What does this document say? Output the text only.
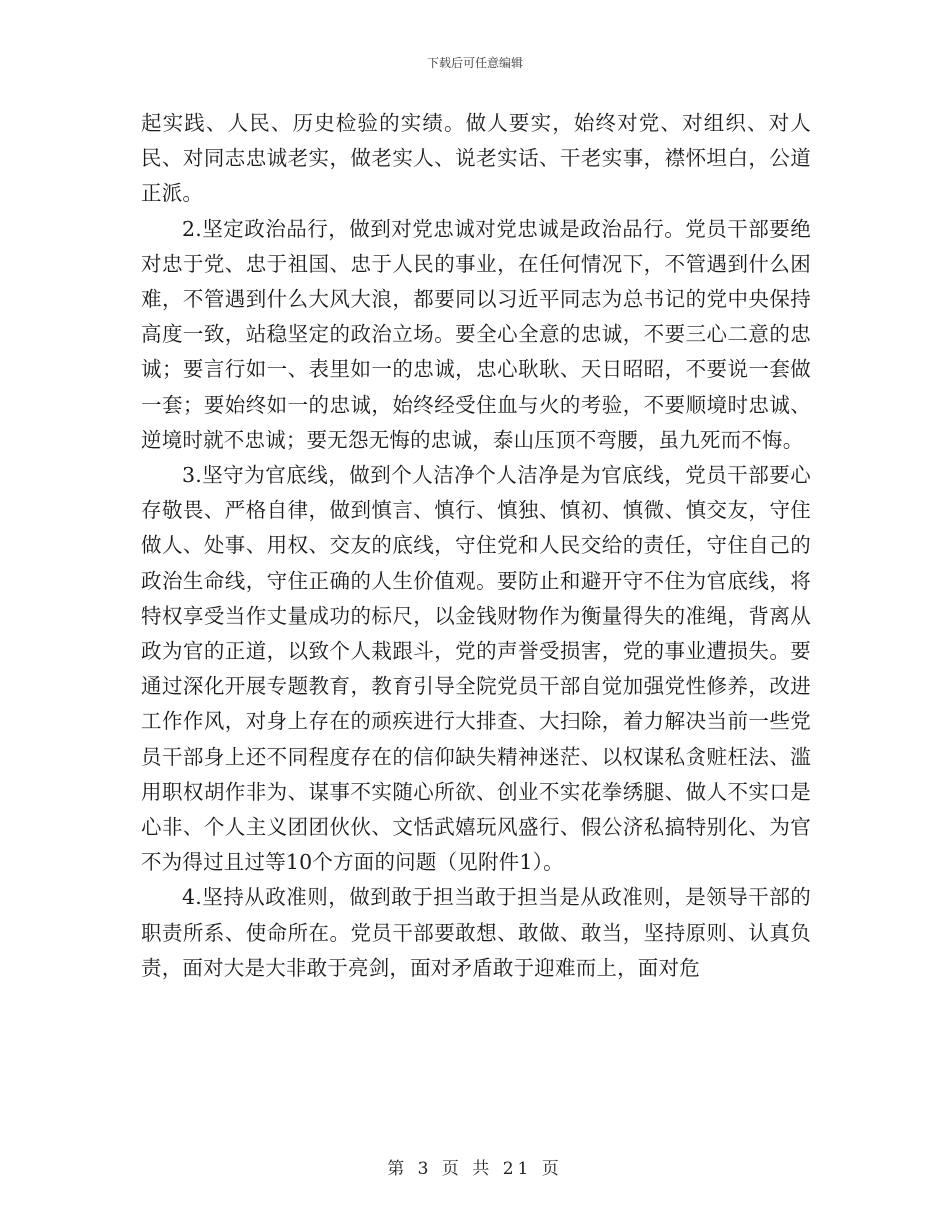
下载后可任意编辑

起实践、人民、历史检验的实绩。做人要实，始终对党、对组织、对人民、对同志忠诚老实，做老实人、说老实话、干老实事，襟怀坦白，公道正派。

2.坚定政治品行，做到对党忠诚对党忠诚是政治品行。党员干部要绝对忠于党、忠于祖国、忠于人民的事业，在任何情况下，不管遇到什么困难，不管遇到什么大风大浪，都要同以习近平同志为总书记的党中央保持高度一致，站稳坚定的政治立场。要全心全意的忠诚，不要三心二意的忠诚；要言行如一、表里如一的忠诚，忠心耿耿、天日昭昭，不要说一套做一套；要始终如一的忠诚，始终经受住血与火的考验，不要顺境时忠诚、逆境时就不忠诚；要无怨无悔的忠诚，泰山压顶不弯腰，虽九死而不悔。

3.坚守为官底线，做到个人洁净个人洁净是为官底线，党员干部要心存敬畏、严格自律，做到慎言、慎行、慎独、慎初、慎微、慎交友，守住做人、处事、用权、交友的底线，守住党和人民交给的责任，守住自己的政治生命线，守住正确的人生价值观。要防止和避开守不住为官底线，将特权享受当作丈量成功的标尺，以金钱财物作为衡量得失的准绳，背离从政为官的正道，以致个人栽跟斗，党的声誉受损害，党的事业遭损失。要通过深化开展专题教育，教育引导全院党员干部自觉加强党性修养，改进工作作风，对身上存在的顽疾进行大排查、大扫除，着力解决当前一些党员干部身上还不同程度存在的信仰缺失精神迷茫、以权谋私贪赃枉法、滥用职权胡作非为、谋事不实随心所欲、创业不实花拳绣腿、做人不实口是心非、个人主义团团伙伙、文恬武嬉玩风盛行、假公济私搞特别化、为官不为得过且过等10个方面的问题（见附件1）。

4.坚持从政准则，做到敢于担当敢于担当是从政准则，是领导干部的职责所系、使命所在。党员干部要敢想、敢做、敢当，坚持原则、认真负责，面对大是大非敢于亮剑，面对矛盾敢于迎难而上，面对危

第 3 页 共 21 页
